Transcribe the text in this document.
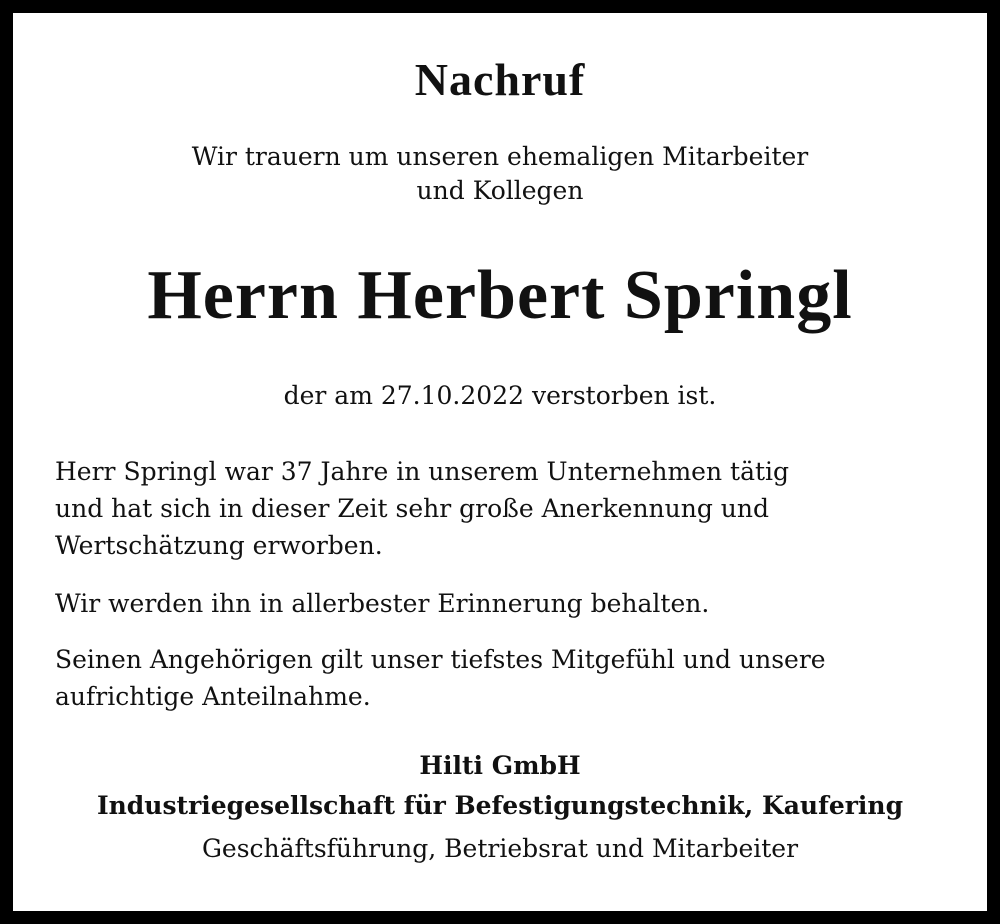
Nachruf
Wir trauern um unseren ehemaligen Mitarbeiter
und Kollegen
Herrn Herbert Springl
der am 27.10.2022 verstorben ist.
Herr Springl war 37 Jahre in unserem Unternehmen tätig
und hat sich in dieser Zeit sehr große Anerkennung und
Wertschätzung erworben.
Wir werden ihn in allerbester Erinnerung behalten.
Seinen Angehörigen gilt unser tiefstes Mitgefühl und unsere
aufrichtige Anteilnahme.
Hilti GmbH
Industriegesellschaft für Befestigungstechnik, Kaufering
Geschäftsführung, Betriebsrat und Mitarbeiter
